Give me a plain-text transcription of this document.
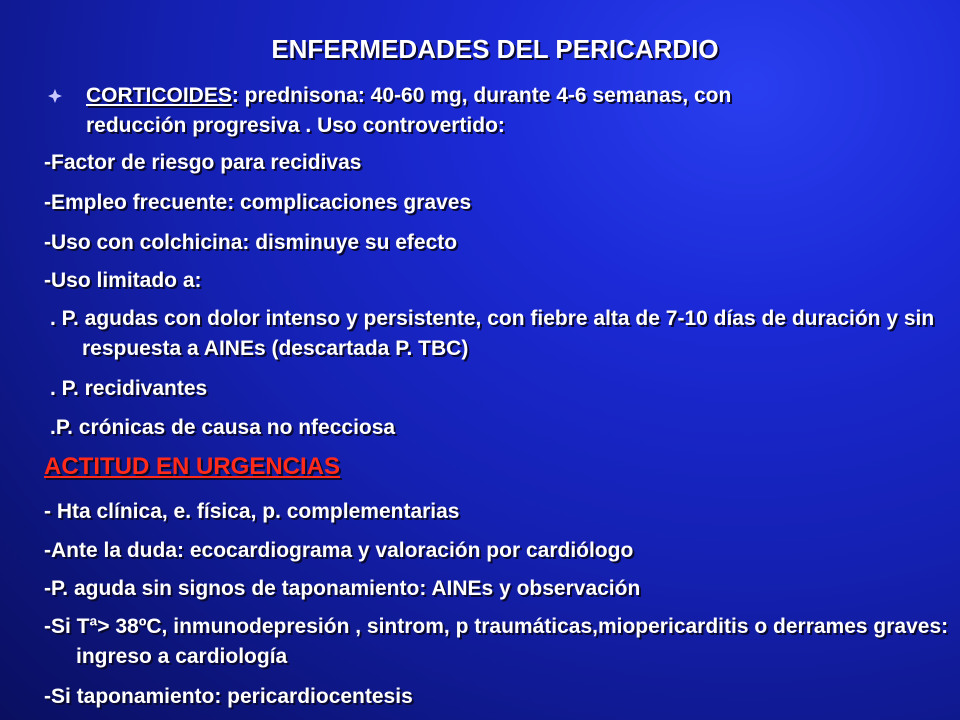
ENFERMEDADES DEL PERICARDIO
CORTICOIDES: prednisona: 40-60 mg, durante 4-6 semanas, con
reducción progresiva . Uso controvertido:
-Factor de riesgo para recidivas
-Empleo frecuente: complicaciones graves
-Uso con colchicina: disminuye su efecto
-Uso limitado a:
. P. agudas con dolor intenso y persistente, con fiebre alta de 7-10 días de duración y sin respuesta a AINEs (descartada P. TBC)
. P. recidivantes
.P. crónicas de causa no nfecciosa
ACTITUD EN URGENCIAS
- Hta clínica, e. física, p. complementarias
-Ante la duda: ecocardiograma y valoración por cardiólogo
-P. aguda sin signos de taponamiento: AINEs y observación
-Si Tª> 38ºC, inmunodepresión , sintrom, p traumáticas,miopericarditis o derrames graves: ingreso a cardiología
-Si taponamiento: pericardiocentesis
